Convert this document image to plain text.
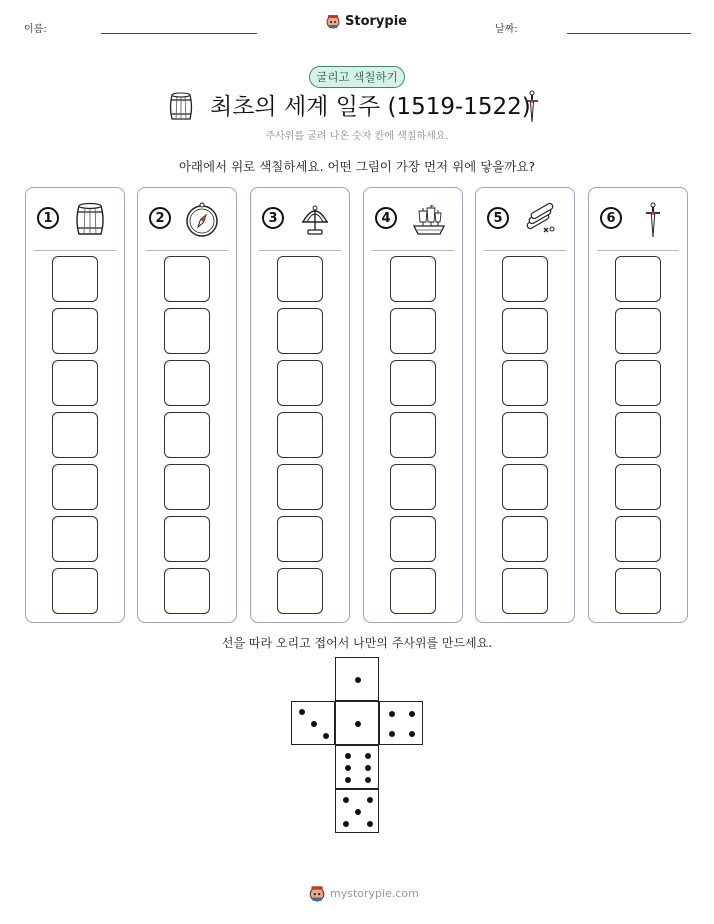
이름:
Storypie
날짜:
굴리고 색칠하기
최초의 세계 일주 (1519-1522)
주사위를 굴려 나온 숫자 칸에 색칠하세요.
아래에서 위로 색칠하세요. 어떤 그림이 가장 먼저 위에 닿을까요?
1	2	3	4	5	6
선을 따라 오리고 접어서 나만의 주사위를 만드세요.
mystorypie.com
